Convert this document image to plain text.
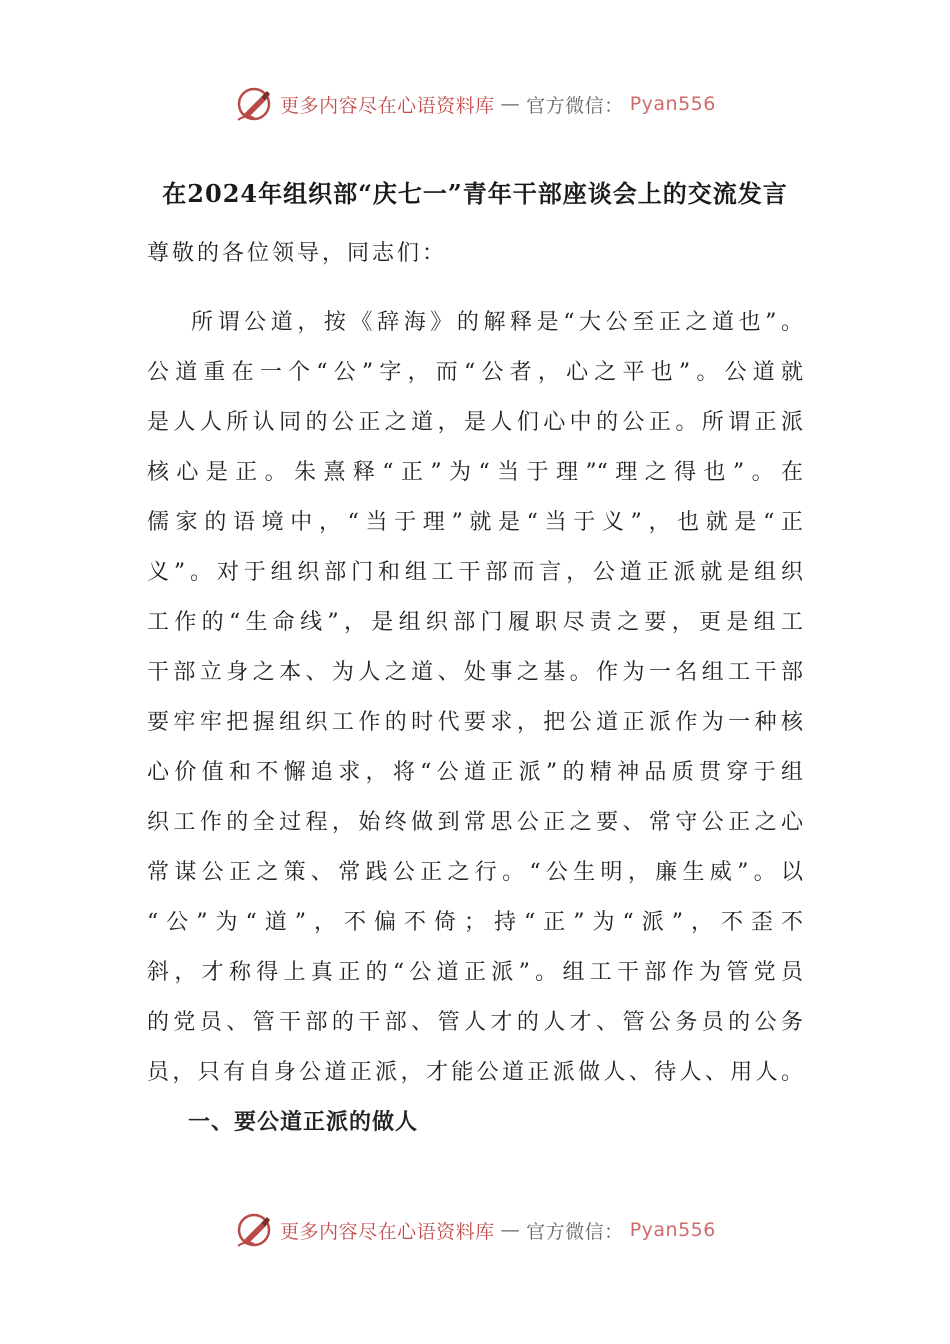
更多内容尽在心语资料库 — 官方微信： Pyan556
在2024年组织部“庆七一”青年干部座谈会上的交流发言

尊敬的各位领导，同志们：

所谓公道，按《辞海》的解释是“大公至正之道也”。
公道重在一个“公”字，而“公者，心之平也”。公道就
是人人所认同的公正之道，是人们心中的公正。所谓正派
核心是正。朱熹释“正”为“当于理”“理之得也”。在
儒家的语境中，“当于理”就是“当于义”，也就是“正
义”。对于组织部门和组工干部而言，公道正派就是组织
工作的“生命线”，是组织部门履职尽责之要，更是组工
干部立身之本、为人之道、处事之基。作为一名组工干部
要牢牢把握组织工作的时代要求，把公道正派作为一种核
心价值和不懈追求，将“公道正派”的精神品质贯穿于组
织工作的全过程，始终做到常思公正之要、常守公正之心
常谋公正之策、常践公正之行。“公生明，廉生威”。以
“公”为“道”，不偏不倚；持“正”为“派”，不歪不
斜，才称得上真正的“公道正派”。组工干部作为管党员
的党员、管干部的干部、管人才的人才、管公务员的公务
员，只有自身公道正派，才能公道正派做人、待人、用人。
一、要公道正派的做人
更多内容尽在心语资料库 — 官方微信： Pyan556
